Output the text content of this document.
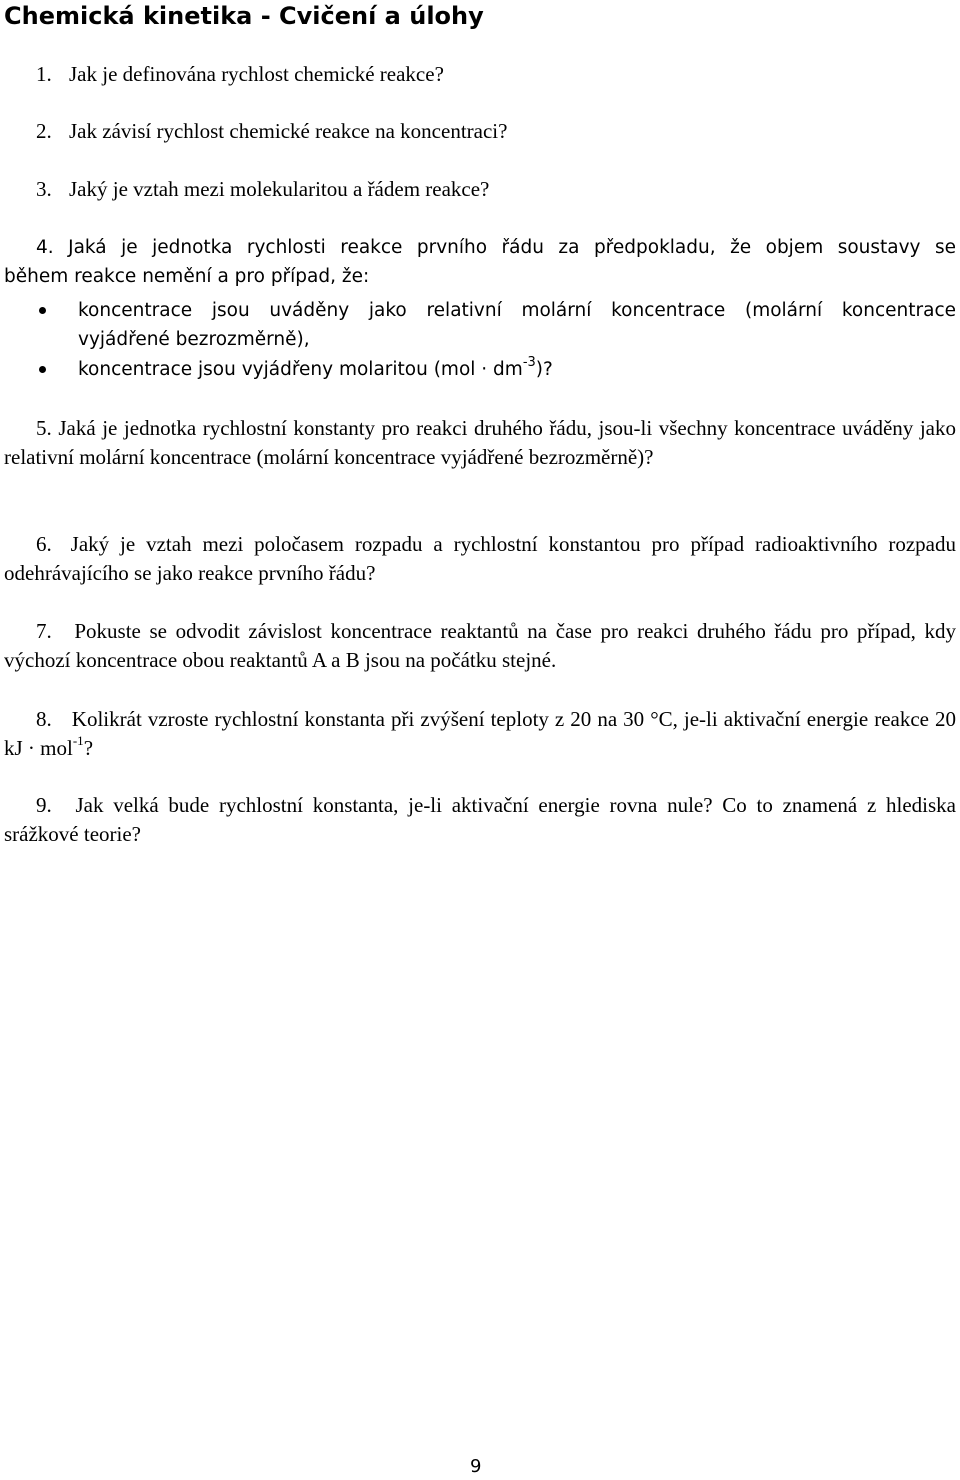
Chemická kinetika - Cvičení a úlohy
1. Jak je definována rychlost chemické reakce?
2. Jak závisí rychlost chemické reakce na koncentraci?
3. Jaký je vztah mezi molekularitou a řádem reakce?
4. Jaká je jednotka rychlosti reakce prvního řádu za předpokladu, že objem soustavy se
během reakce nemění a pro případ, že:
koncentrace jsou uváděny jako relativní molární koncentrace (molární koncentrace
vyjádřené bezrozměrně),
koncentrace jsou vyjádřeny molaritou $(mol \cdot dm^{-3})$?
5. Jaká je jednotka rychlostní konstanty pro reakci druhého řádu, jsou-li všechny koncentrace uváděny jako relativní molární koncentrace (molární koncentrace vyjádřené bezrozměrně)?
6. Jaký je vztah mezi poločasem rozpadu a rychlostní konstantou pro případ radioaktivního rozpadu odehrávajícího se jako reakce prvního řádu?
7. Pokuste se odvodit závislost koncentrace reaktantů na čase pro reakci druhého řádu pro případ, kdy výchozí koncentrace obou reaktantů A a B jsou na počátku stejné.
8. Kolikrát vzroste rychlostní konstanta při zvýšení teploty z 20 na 30 °C, je-li aktivační energie reakce 20 kJ · mol$^{-1}$?
9. Jak velká bude rychlostní konstanta, je-li aktivační energie rovna nule? Co to znamená z hlediska srážkové teorie?
9
